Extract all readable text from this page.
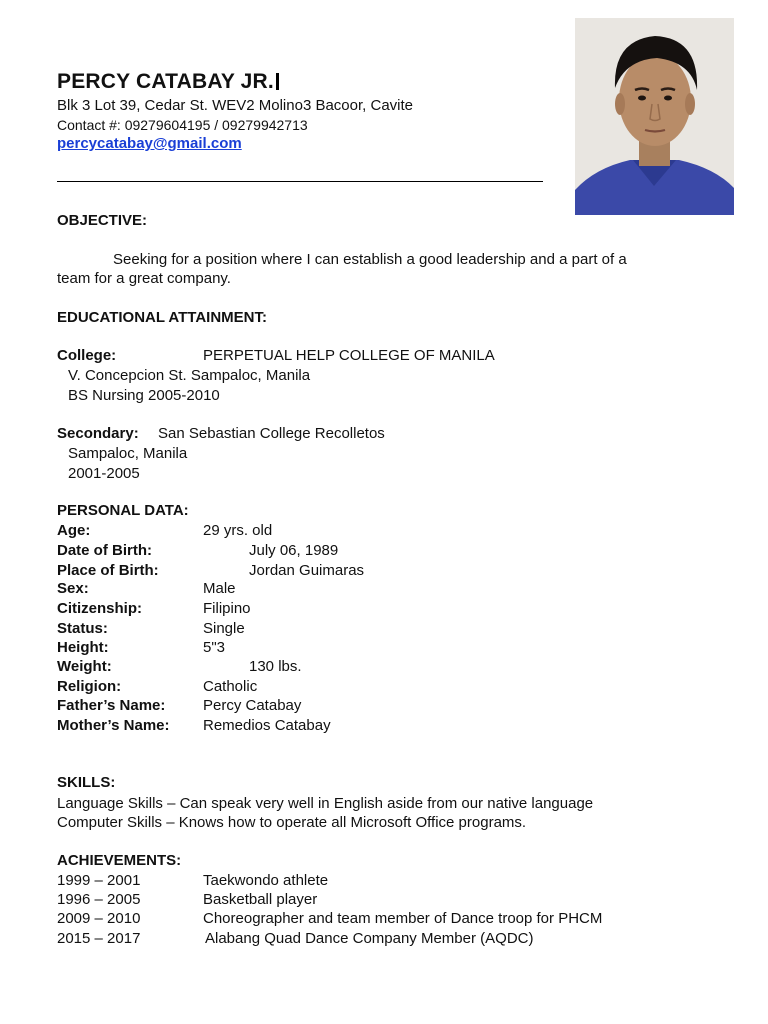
PERCY CATABAY JR.
Blk 3 Lot 39, Cedar St. WEV2 Molino3 Bacoor, Cavite
Contact #: 09279604195 / 09279942713
percycatabay@gmail.com
OBJECTIVE:
Seeking for a position where I can establish a good leadership and a part of a
team for a great company.
EDUCATIONAL ATTAINMENT:
College:	PERPETUAL HELP COLLEGE OF MANILA
V. Concepcion St. Sampaloc, Manila
BS Nursing 2005-2010
Secondary: San Sebastian College Recolletos
Sampaloc, Manila
2001-2005
PERSONAL DATA:
Age:	29 yrs. old
Date of Birth:	July 06, 1989
Place of Birth:	Jordan Guimaras
Sex:	Male
Citizenship:	Filipino
Status:	Single
Height:	5"3
Weight:	130 lbs.
Religion:	Catholic
Father’s Name:	Percy Catabay
Mother’s Name: Remedios Catabay
SKILLS:
Language Skills – Can speak very well in English aside from our native language
Computer Skills – Knows how to operate all Microsoft Office programs.
ACHIEVEMENTS:
1999 – 2001	Taekwondo athlete
1996 – 2005	Basketball player
2009 – 2010	Choreographer and team member of Dance troop for PHCM
2015 – 2017	Alabang Quad Dance Company Member (AQDC)
